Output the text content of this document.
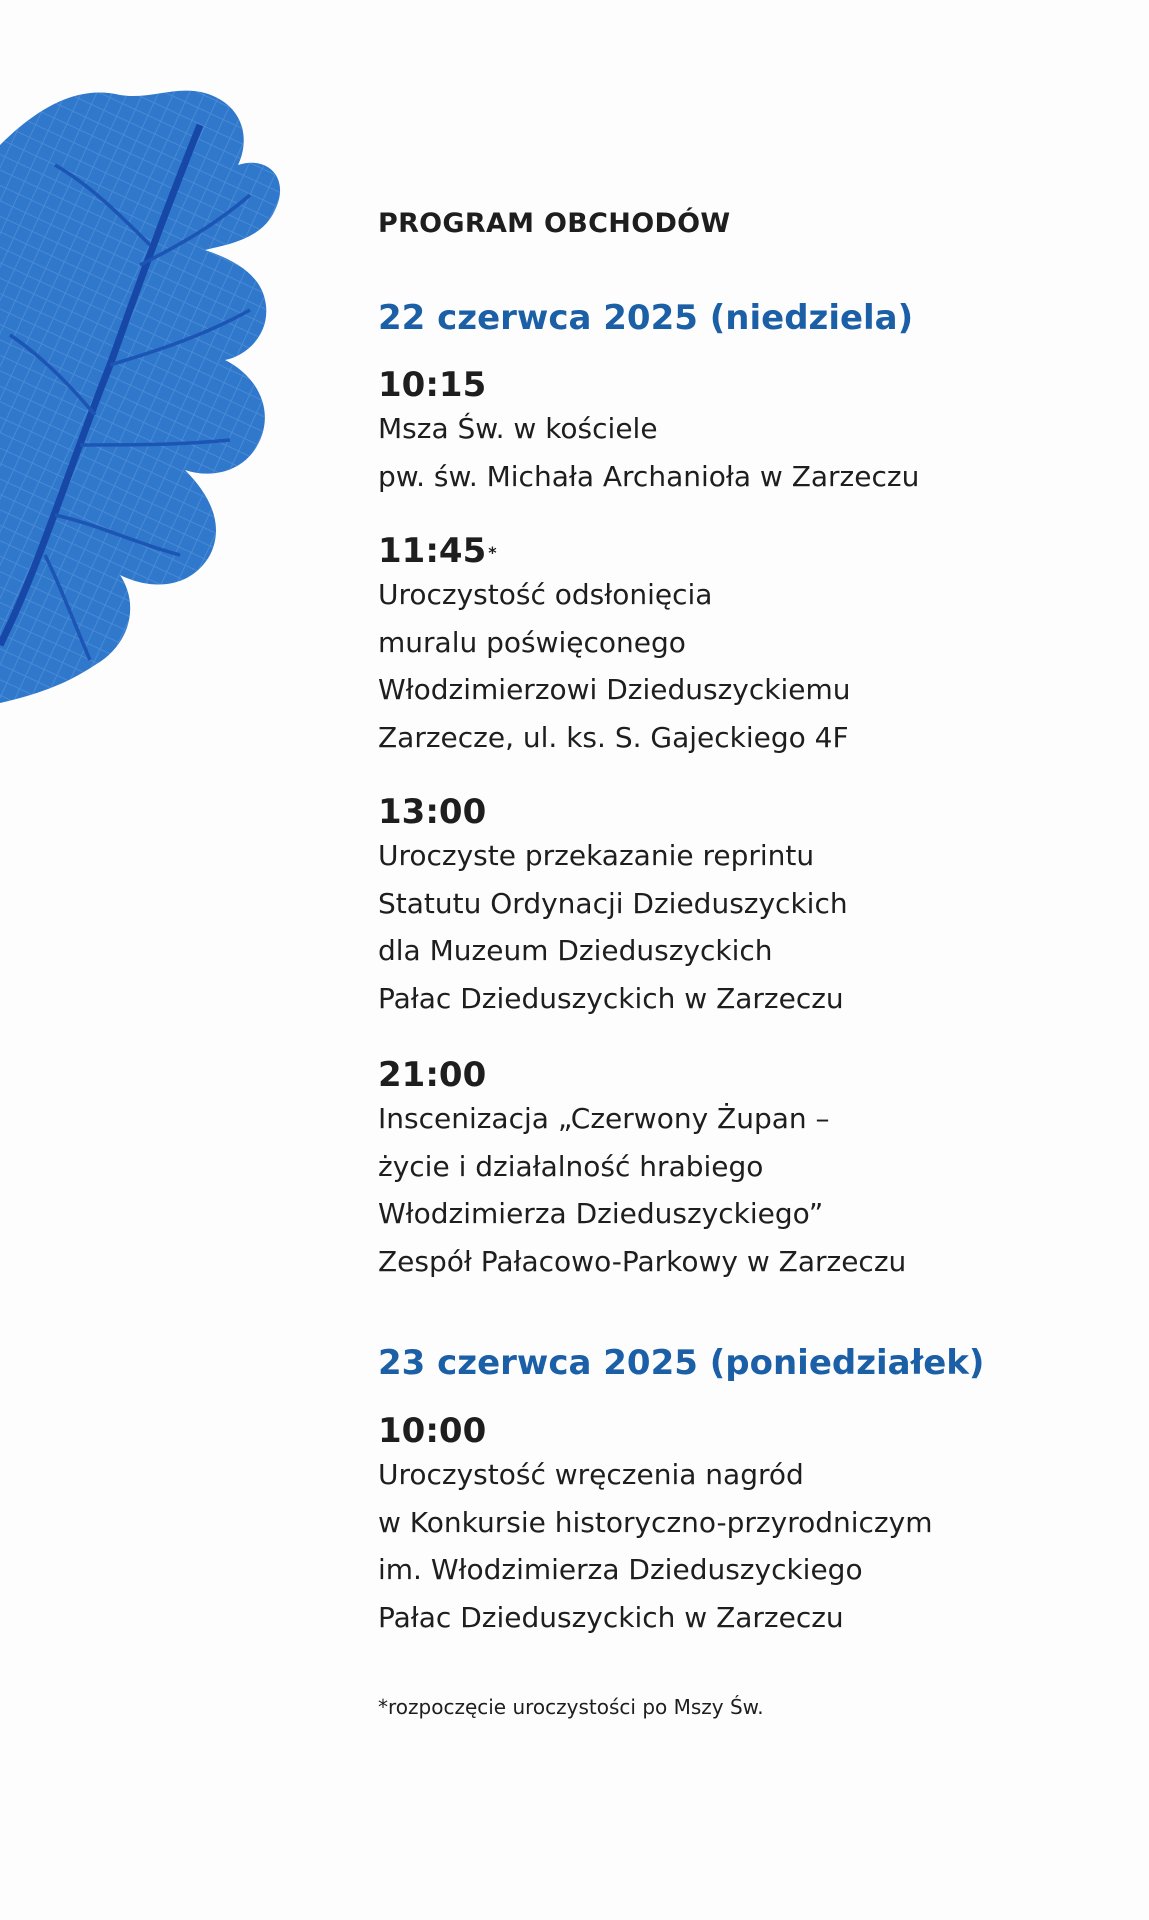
PROGRAM OBCHODÓW
22 czerwca 2025 (niedziela)
10:15
Msza Św. w kościele
pw. św. Michała Archanioła w Zarzeczu
11:45 *
Uroczystość odsłonięcia
muralu poświęconego
Włodzimierzowi Dzieduszyckiemu
Zarzecze, ul. ks. S. Gajeckiego 4F
13:00
Uroczyste przekazanie reprintu
Statutu Ordynacji Dzieduszyckich
dla Muzeum Dzieduszyckich
Pałac Dzieduszyckich w Zarzeczu
21:00
Inscenizacja „Czerwony Żupan –
życie i działalność hrabiego
Włodzimierza Dzieduszyckiego”
Zespół Pałacowo-Parkowy w Zarzeczu
23 czerwca 2025 (poniedziałek)
10:00
Uroczystość wręczenia nagród
w Konkursie historyczno-przyrodniczym
im. Włodzimierza Dzieduszyckiego
Pałac Dzieduszyckich w Zarzeczu
*rozpoczęcie uroczystości po Mszy Św.
